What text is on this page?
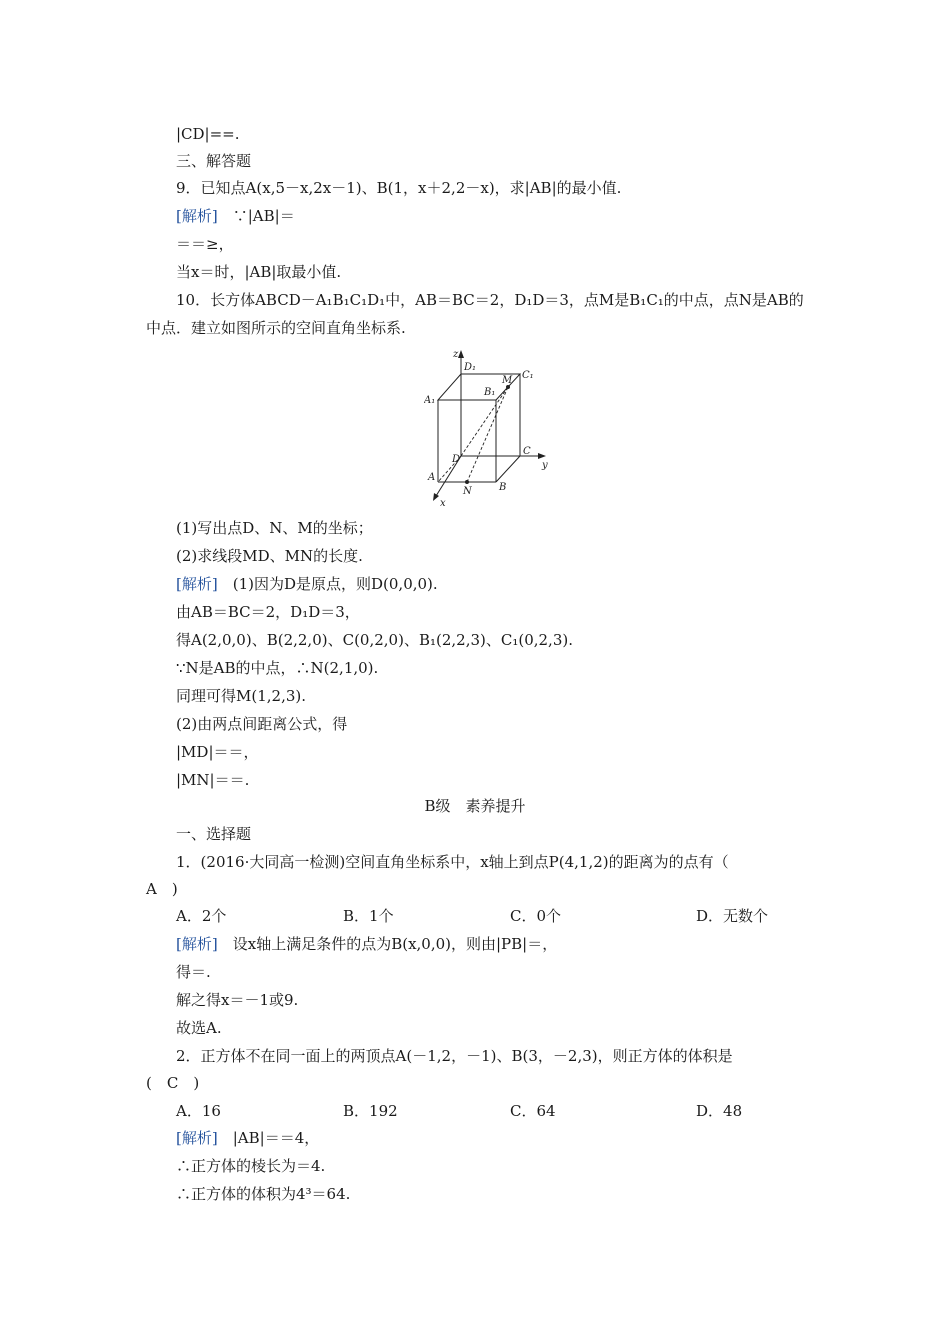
|CD|==.
三、解答题
9．已知点A(x,5－x,2x－1)、B(1，x＋2,2－x)，求|AB|的最小值.
[解析]　 ∵|AB|＝
＝＝≥，
当x＝时，|AB|取最小值.
10．长方体ABCD－A₁B₁C₁D₁中，AB＝BC＝2，D₁D＝3，点M是B₁C₁的中点，点N是AB的
中点．建立如图所示的空间直角坐标系.
z
y
x
D₁
C₁
A₁
B₁
M
D
C
A
B
N
(1)写出点D、N、M的坐标；
(2)求线段MD、MN的长度.
[解析]　 (1)因为D是原点，则D(0,0,0).
由AB＝BC＝2，D₁D＝3，
得A(2,0,0)、B(2,2,0)、C(0,2,0)、B₁(2,2,3)、C₁(0,2,3).
∵N是AB的中点，∴N(2,1,0).
同理可得M(1,2,3).
(2)由两点间距离公式，得
|MD|＝＝，
|MN|＝＝.
B级　素养提升
一、选择题
1．(2016·大同高一检测)空间直角坐标系中，x轴上到点P(4,1,2)的距离为的点有（
A　)
A．2个	B．1个	C．0个	D．无数个
[解析]　 设x轴上满足条件的点为B(x,0,0)，则由|PB|＝，
得＝.
解之得x＝－1或9.
故选A.
2．正方体不在同一面上的两顶点A(－1,2，－1)、B(3，－2,3)，则正方体的体积是
(　C　)
A．16	B．192	C．64	D．48
[解析]　 |AB|＝＝4，
∴正方体的棱长为＝4.
∴正方体的体积为4³＝64.
